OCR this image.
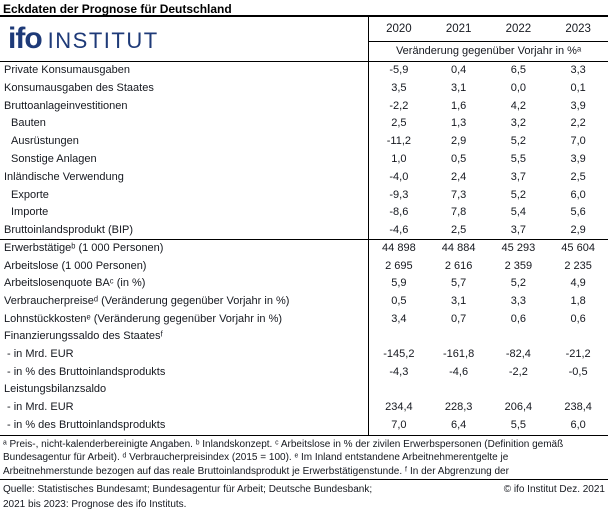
Eckdaten der Prognose für Deutschland
ifo INSTITUT	2020	2021	2022	2023
Veränderung gegenüber Vorjahr in %ᵃ
Private Konsumausgaben	-5,9	0,4	6,5	3,3
Konsumausgaben des Staates	3,5	3,1	0,0	0,1
Bruttoanlageinvestitionen	-2,2	1,6	4,2	3,9
Bauten	2,5	1,3	3,2	2,2
Ausrüstungen	-11,2	2,9	5,2	7,0
Sonstige Anlagen	1,0	0,5	5,5	3,9
Inländische Verwendung	-4,0	2,4	3,7	2,5
Exporte	-9,3	7,3	5,2	6,0
Importe	-8,6	7,8	5,4	5,6
Bruttoinlandsprodukt (BIP)	-4,6	2,5	3,7	2,9
Erwerbstätigeᵇ (1 000 Personen)	44 898	44 884	45 293	45 604
Arbeitslose (1 000 Personen)	2 695	2 616	2 359	2 235
Arbeitslosenquote BAᶜ (in %)	5,9	5,7	5,2	4,9
Verbraucherpreiseᵈ (Veränderung gegenüber Vorjahr in %)	0,5	3,1	3,3	1,8
Lohnstückkostenᵉ (Veränderung gegenüber Vorjahr in %)	3,4	0,7	0,6	0,6
Finanzierungssaldo des Staatesᶠ
- in Mrd. EUR	-145,2	-161,8	-82,4	-21,2
- in % des Bruttoinlandsprodukts	-4,3	-4,6	-2,2	-0,5
Leistungsbilanzsaldo
- in Mrd. EUR	234,4	228,3	206,4	238,4
- in % des Bruttoinlandsprodukts	7,0	6,4	5,5	6,0
ᵃ Preis-, nicht-kalenderbereinigte Angaben. ᵇ Inlandskonzept. ᶜ Arbeitslose in % der zivilen Erwerbspersonen (Definition gemäß
Bundesagentur für Arbeit). ᵈ Verbraucherpreisindex (2015 = 100). ᵉ Im Inland entstandene Arbeitnehmerentgelte je
Arbeitnehmerstunde bezogen auf das reale Bruttoinlandsprodukt je Erwerbstätigenstunde. ᶠ In der Abgrenzung der
Quelle: Statistisches Bundesamt; Bundesagentur für Arbeit; Deutsche Bundesbank;	© ifo Institut Dez. 2021
2021 bis 2023: Prognose des ifo Instituts.
